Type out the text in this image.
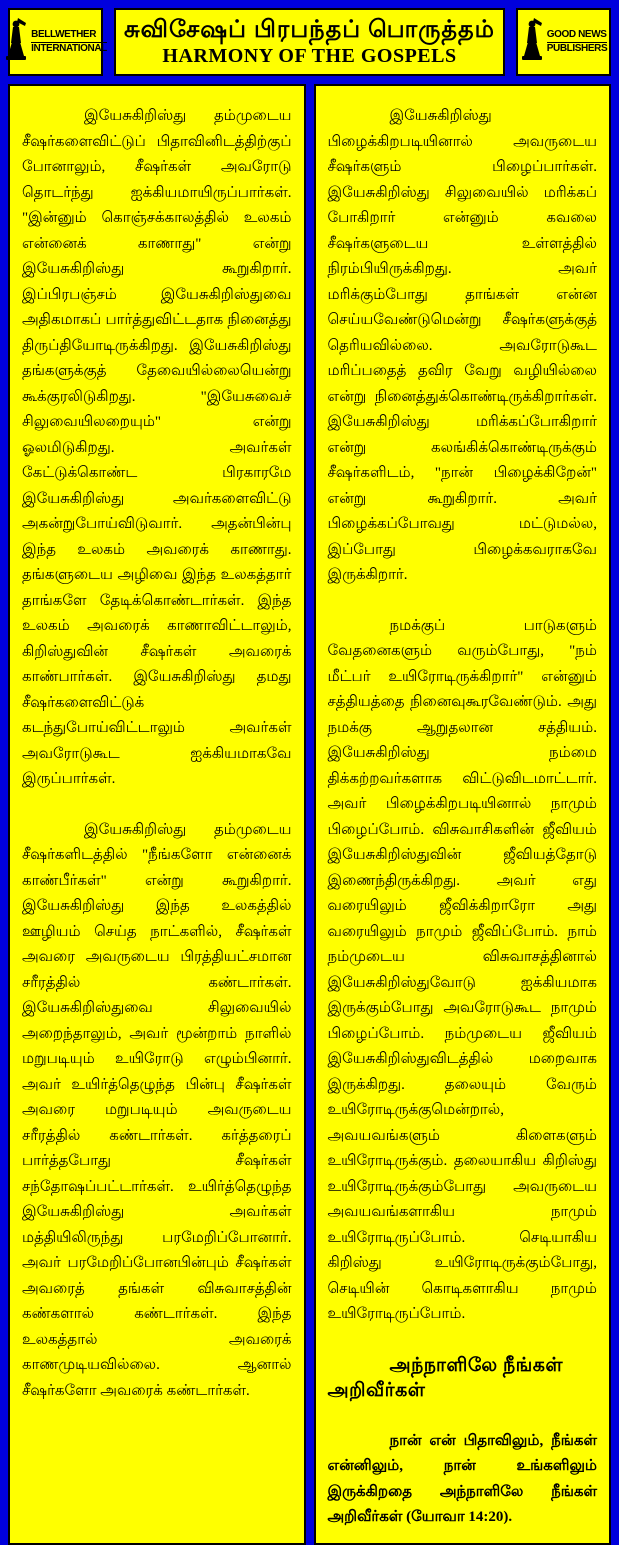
BELLWETHER
INTERNATIONAL
சுவிசேஷப் பிரபந்தப் பொருத்தம்
HARMONY OF THE GOSPELS
GOOD NEWS
PUBLISHERS

இயேசுகிறிஸ்து தம்முடைய சீஷர்களைவிட்டுப் பிதாவினிடத்திற்குப் போனாலும், சீஷர்கள் அவரோடு தொடர்ந்து ஐக்கியமாயிருப்பார்கள். "இன்னும் கொஞ்சக்காலத்தில் உலகம் என்னைக் காணாது" என்று இயேசுகிறிஸ்து கூறுகிறார். இப்பிரபஞ்சம் இயேசுகிறிஸ்துவை அதிகமாகப் பார்த்துவிட்டதாக நினைத்து திருப்தியோடிருக்கிறது. இயேசுகிறிஸ்து தங்களுக்குத் தேவையில்லையென்று கூக்குரலிடுகிறது. "இயேசுவைச் சிலுவையிலறையும்" என்று ஓலமிடுகிறது. அவர்கள் கேட்டுக்கொண்ட பிரகாரமே இயேசுகிறிஸ்து அவர்களைவிட்டு அகன்றுபோய்விடுவார். அதன்பின்பு இந்த உலகம் அவரைக் காணாது. தங்களுடைய அழிவை இந்த உலகத்தார் தாங்களே தேடிக்கொண்டார்கள். இந்த உலகம் அவரைக் காணாவிட்டாலும், கிறிஸ்துவின் சீஷர்கள் அவரைக் காண்பார்கள். இயேசுகிறிஸ்து தமது சீஷர்களைவிட்டுக் கடந்துபோய்விட்டாலும் அவர்கள் அவரோடுகூட ஐக்கியமாகவே இருப்பார்கள்.

இயேசுகிறிஸ்து தம்முடைய சீஷர்களிடத்தில் "நீங்களோ என்னைக் காண்பீர்கள்" என்று கூறுகிறார். இயேசுகிறிஸ்து இந்த உலகத்தில் ஊழியம் செய்த நாட்களில், சீஷர்கள் அவரை அவருடைய பிரத்தியட்சமான சரீரத்தில் கண்டார்கள். இயேசுகிறிஸ்துவை சிலுவையில் அறைந்தாலும், அவர் மூன்றாம் நாளில் மறுபடியும் உயிரோடு எழும்பினார். அவர் உயிர்த்தெழுந்த பின்பு சீஷர்கள் அவரை மறுபடியும் அவருடைய சரீரத்தில் கண்டார்கள். கர்த்தரைப் பார்த்தபோது சீஷர்கள் சந்தோஷப்பட்டார்கள். உயிர்த்தெழுந்த இயேசுகிறிஸ்து அவர்கள் மத்தியிலிருந்து பரமேறிப்போனார். அவர் பரமேறிப்போனபின்பும் சீஷர்கள் அவரைத் தங்கள் விசுவாசத்தின் கண்களால் கண்டார்கள். இந்த உலகத்தால் அவரைக் காணமுடியவில்லை. ஆனால் சீஷர்களோ அவரைக் கண்டார்கள்.

இயேசுகிறிஸ்து பிழைக்கிறபடியினால் அவருடைய சீஷர்களும் பிழைப்பார்கள். இயேசுகிறிஸ்து சிலுவையில் மரிக்கப் போகிறார் என்னும் கவலை சீஷர்களுடைய உள்ளத்தில் நிரம்பியிருக்கிறது. அவர் மரிக்கும்போது தாங்கள் என்ன செய்யவேண்டுமென்று சீஷர்களுக்குத் தெரியவில்லை. அவரோடுகூட மரிப்பதைத் தவிர வேறு வழியில்லை என்று நினைத்துக்கொண்டிருக்கிறார்கள். இயேசுகிறிஸ்து மரிக்கப்போகிறார் என்று கலங்கிக்கொண்டிருக்கும் சீஷர்களிடம், "நான் பிழைக்கிறேன்" என்று கூறுகிறார். அவர் பிழைக்கப்போவது மட்டுமல்ல, இப்போது பிழைக்கவராகவே இருக்கிறார்.

நமக்குப் பாடுகளும் வேதனைகளும் வரும்போது, "நம் மீட்பர் உயிரோடிருக்கிறார்" என்னும் சத்தியத்தை நினைவுகூரவேண்டும். அது நமக்கு ஆறுதலான சத்தியம். இயேசுகிறிஸ்து நம்மை திக்கற்றவர்களாக விட்டுவிடமாட்டார். அவர் பிழைக்கிறபடியினால் நாமும் பிழைப்போம். விசுவாசிகளின் ஜீவியம் இயேசுகிறிஸ்துவின் ஜீவியத்தோடு இணைந்திருக்கிறது. அவர் எது வரையிலும் ஜீவிக்கிறாரோ அது வரையிலும் நாமும் ஜீவிப்போம். நாம் நம்முடைய விசுவாசத்தினால் இயேசுகிறிஸ்துவோடு ஐக்கியமாக இருக்கும்போது அவரோடுகூட நாமும் பிழைப்போம். நம்முடைய ஜீவியம் இயேசுகிறிஸ்துவிடத்தில் மறைவாக இருக்கிறது. தலையும் வேரும் உயிரோடிருக்குமென்றால், அவயவங்களும் கிளைகளும் உயிரோடிருக்கும். தலையாகிய கிறிஸ்து உயிரோடிருக்கும்போது அவருடைய அவயவங்களாகிய நாமும் உயிரோடிருப்போம். செடியாகிய கிறிஸ்து உயிரோடிருக்கும்போது, செடியின் கொடிகளாகிய நாமும் உயிரோடிருப்போம்.

அந்நாளிலே நீங்கள் அறிவீர்கள்

நான் என் பிதாவிலும், நீங்கள் என்னிலும், நான் உங்களிலும் இருக்கிறதை அந்நாளிலே நீங்கள் அறிவீர்கள் (யோவா 14:20).
